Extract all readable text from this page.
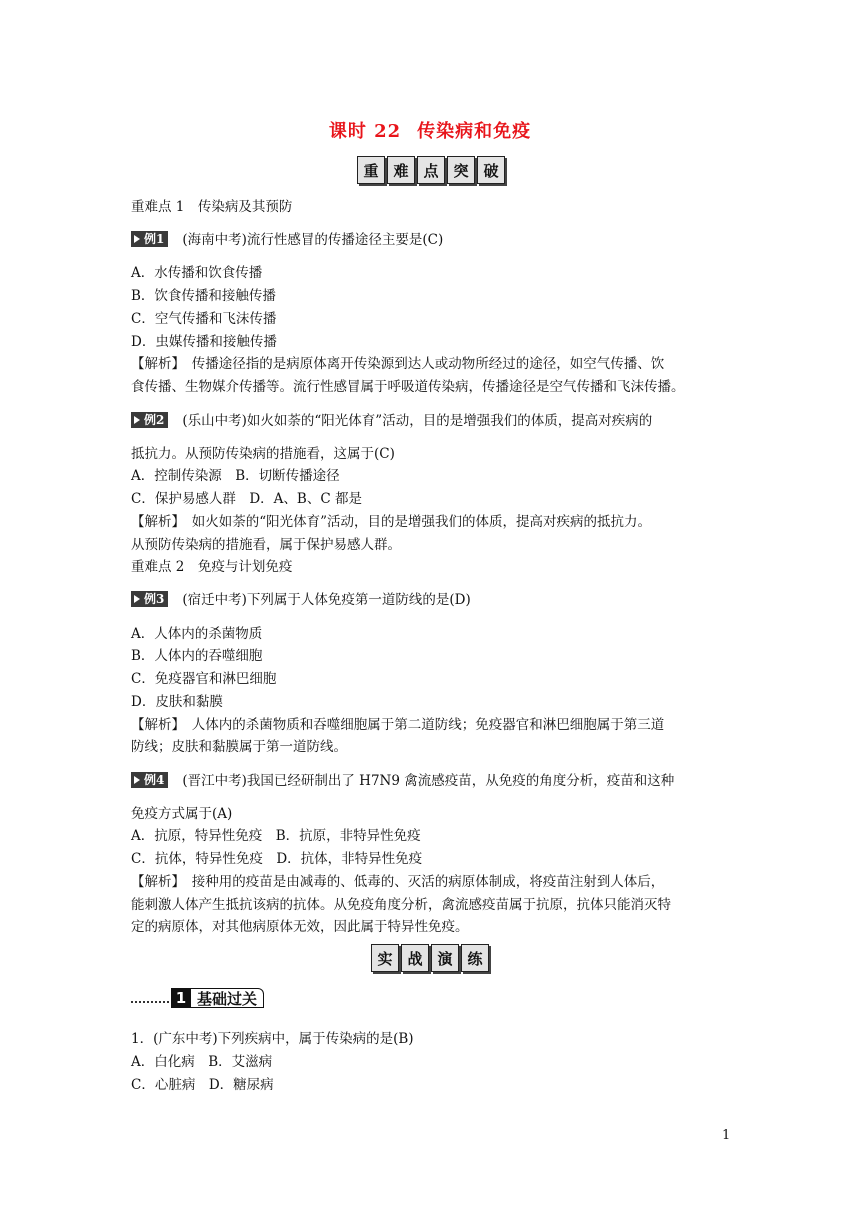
课时 22 传染病和免疫
重 难 点 突 破
重难点 1　传染病及其预防
例1 (海南中考)流行性感冒的传播途径主要是(C)
A．水传播和饮食传播
B．饮食传播和接触传播
C．空气传播和飞沫传播
D．虫媒传播和接触传播
【解析】　传播途径指的是病原体离开传染源到达人或动物所经过的途径，如空气传播、饮
食传播、生物媒介传播等。流行性感冒属于呼吸道传染病，传播途径是空气传播和飞沫传播。
例2 (乐山中考)如火如荼的“阳光体育”活动，目的是增强我们的体质，提高对疾病的
抵抗力。从预防传染病的措施看，这属于(C)
A．控制传染源　B．切断传播途径
C．保护易感人群　D．A、B、C 都是
【解析】　如火如荼的“阳光体育”活动，目的是增强我们的体质，提高对疾病的抵抗力。
从预防传染病的措施看，属于保护易感人群。
重难点 2　免疫与计划免疫
例3 (宿迁中考)下列属于人体免疫第一道防线的是(D)
A．人体内的杀菌物质
B．人体内的吞噬细胞
C．免疫器官和淋巴细胞
D．皮肤和黏膜
【解析】　人体内的杀菌物质和吞噬细胞属于第二道防线；免疫器官和淋巴细胞属于第三道
防线；皮肤和黏膜属于第一道防线。
例4 (晋江中考)我国已经研制出了 H7N9 禽流感疫苗，从免疫的角度分析，疫苗和这种
免疫方式属于(A)
A．抗原，特异性免疫　B．抗原，非特异性免疫
C．抗体，特异性免疫　D．抗体，非特异性免疫
【解析】　接种用的疫苗是由减毒的、低毒的、灭活的病原体制成，将疫苗注射到人体后，
能刺激人体产生抵抗该病的抗体。从免疫角度分析，禽流感疫苗属于抗原，抗体只能消灭特
定的病原体，对其他病原体无效，因此属于特异性免疫。
实 战 演 练
1 基础过关
1．(广东中考)下列疾病中，属于传染病的是(B)
A．白化病　B．艾滋病
C．心脏病　D．糖尿病
1
